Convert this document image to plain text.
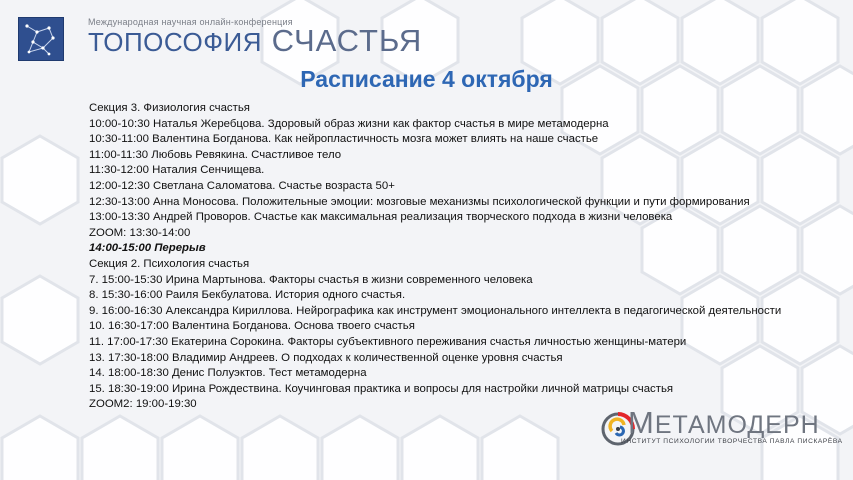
Международная научная онлайн-конференция
ТОПОСОФИЯ СЧАСТЬЯ
Расписание 4 октября
Секция 3. Физиология счастья
10:00-10:30 Наталья Жеребцова. Здоровый образ жизни как фактор счастья в мире метамодерна
10:30-11:00 Валентина Богданова. Как нейропластичность мозга может влиять на наше счастье
11:00-11:30 Любовь Ревякина. Счастливое тело
11:30-12:00 Наталия Сенчищева.
12:00-12:30 Светлана Саломатова. Счастье возраста 50+
12:30-13:00 Анна Моносова. Положительные эмоции: мозговые механизмы психологической функции и пути формирования
13:00-13:30 Андрей Проворов. Счастье как максимальная реализация творческого подхода в жизни человека
ZOOM: 13:30-14:00
14:00-15:00 Перерыв
Секция 2. Психология счастья
7. 15:00-15:30 Ирина Мартынова. Факторы счастья в жизни современного человека
8. 15:30-16:00 Раиля Бекбулатова. История одного счастья.
9. 16:00-16:30 Александра Кириллова. Нейрографика как инструмент эмоционального интеллекта в педагогической деятельности
10. 16:30-17:00 Валентина Богданова. Основа твоего счастья
11. 17:00-17:30 Екатерина Сорокина. Факторы субъективного переживания счастья личностью женщины-матери
13. 17:30-18:00 Владимир Андреев. О подходах к количественной оценке уровня счастья
14. 18:00-18:30 Денис Полуэктов. Тест метамодерна
15. 18:30-19:00 Ирина Рождествина. Коучинговая практика и вопросы для настройки личной матрицы счастья
ZOOM2: 19:00-19:30
МЕТАМОДЕРН
ИНСТИТУТ ПСИХОЛОГИИ ТВОРЧЕСТВА ПАВЛА ПИСКАРЁВА
